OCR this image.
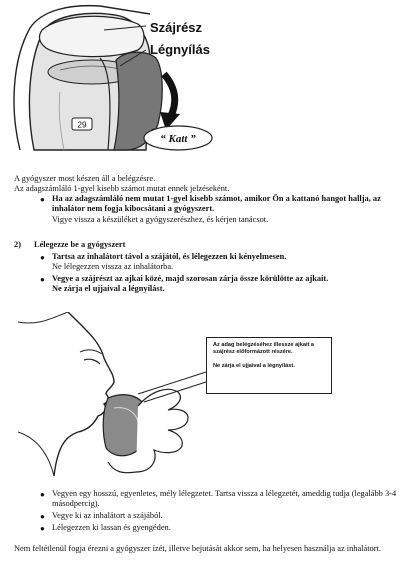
29
“ Katt ”
Szájrész
Légnyílás
A gyógyszer most készen áll a belégzésre.
Az adagszámláló 1-gyel kisebb számot mutat ennek jelzéseként.
● Ha az adagszámláló nem mutat 1-gyel kisebb számot, amikor Ön a kattanó hangot hallja, az inhalátor nem fogja kibocsátani a gyógyszert.
Vigye vissza a készüléket a gyógyszerészhez, és kérjen tanácsot.
2) Lélegezze be a gyógyszert
● Tartsa az inhalátort távol a szájától, és lélegezzen ki kényelmesen.
Ne lélegezzen vissza az inhalátorba.
● Vegye a szájrészt az ajkai közé, majd szorosan zárja össze körülötte az ajkait.
Ne zárja el ujjaival a légnyílást.

Az adag belégzéséhez illessze ajkait a szájrész előformázott részére.

Ne zárja el ujjaival a légnyílást.

● Vegyen egy hosszú, egyenletes, mély lélegzetet. Tartsa vissza a lélegzetét, ameddig tudja (legalább 3-4 másodpercig).
● Vegye ki az inhalátort a szájából.
● Lélegezzen ki lassan és gyengéden.
Nem feltétlenül fogja érezni a gyógyszer ízét, illetve bejutását akkor sem, ha helyesen használja az inhalátort.
